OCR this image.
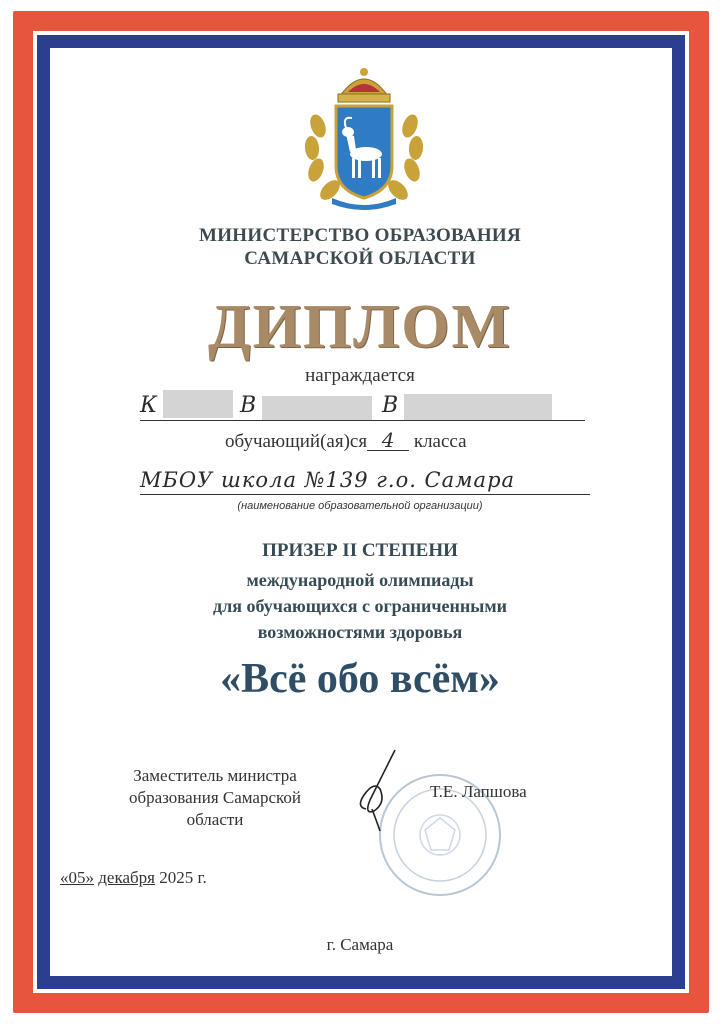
МИНИСТЕРСТВО ОБРАЗОВАНИЯ
САМАРСКОЙ ОБЛАСТИ
ДИПЛОМ
награждается
К	В	В
обучающий(ая)ся 4 класса
МБОУ школа №139 г.о. Самара
(наименование образовательной организации)
ПРИЗЕР II СТЕПЕНИ
международной олимпиады
для обучающихся с ограниченными
возможностями здоровья
«Всё обо всём»
Заместитель министра
образования Самарской
области
Т.Е. Лапшова
«05» декабря 2025 г.
г. Самара
